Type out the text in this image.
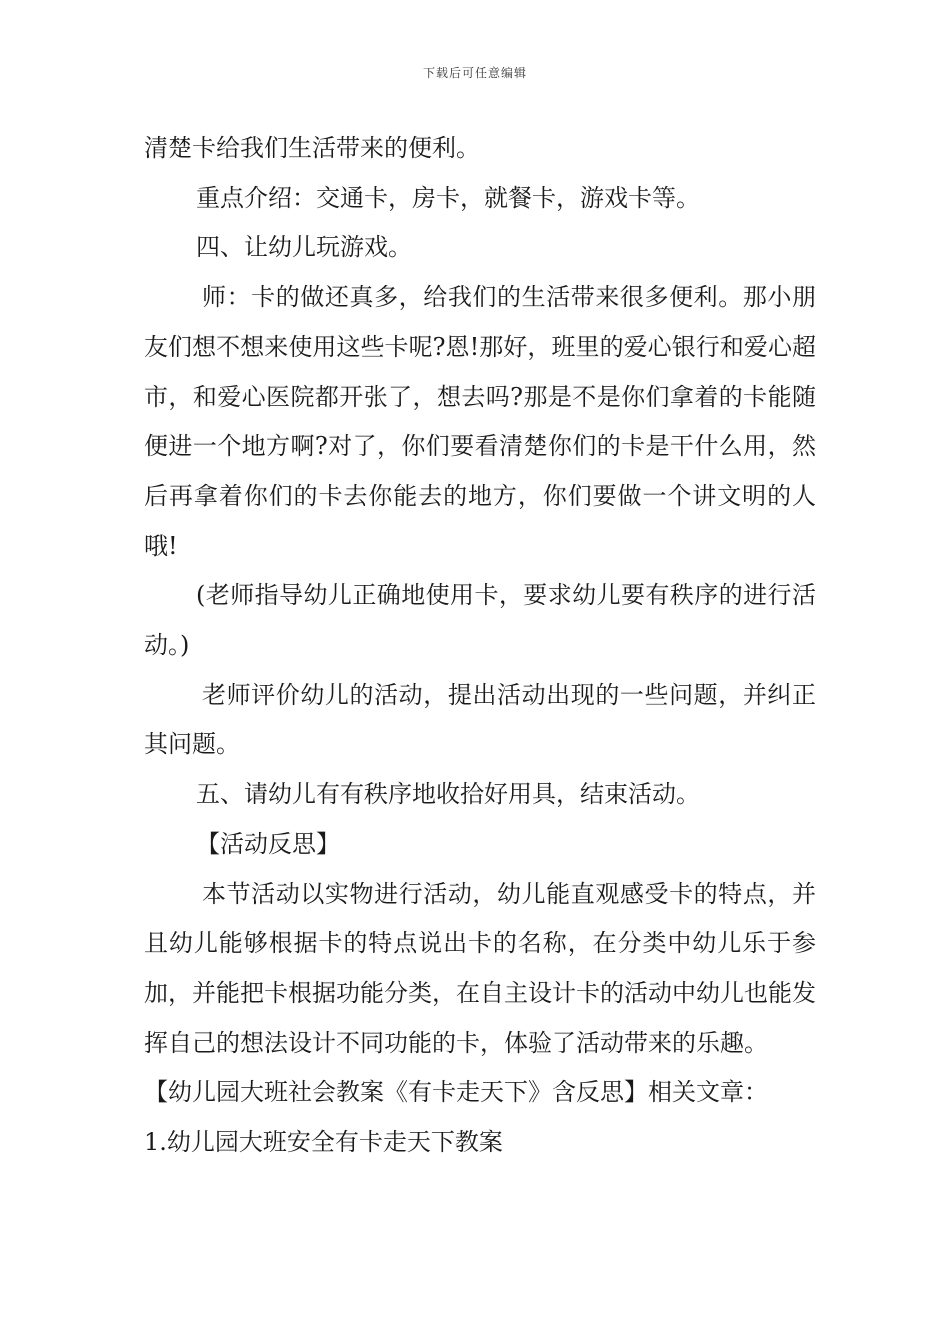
下载后可任意编辑

清楚卡给我们生活带来的便利。

重点介绍：交通卡，房卡，就餐卡，游戏卡等。

四、让幼儿玩游戏。

师：卡的做还真多，给我们的生活带来很多便利。那小朋友们想不想来使用这些卡呢?恩!那好，班里的爱心银行和爱心超市，和爱心医院都开张了，想去吗?那是不是你们拿着的卡能随便进一个地方啊?对了，你们要看清楚你们的卡是干什么用，然后再拿着你们的卡去你能去的地方，你们要做一个讲文明的人哦!

(老师指导幼儿正确地使用卡，要求幼儿要有秩序的进行活动。)

老师评价幼儿的活动，提出活动出现的一些问题，并纠正其问题。

五、请幼儿有有秩序地收拾好用具，结束活动。

【活动反思】

本节活动以实物进行活动，幼儿能直观感受卡的特点，并且幼儿能够根据卡的特点说出卡的名称，在分类中幼儿乐于参加，并能把卡根据功能分类，在自主设计卡的活动中幼儿也能发挥自己的想法设计不同功能的卡，体验了活动带来的乐趣。

【幼儿园大班社会教案《有卡走天下》含反思】相关文章：

1.幼儿园大班安全有卡走天下教案
